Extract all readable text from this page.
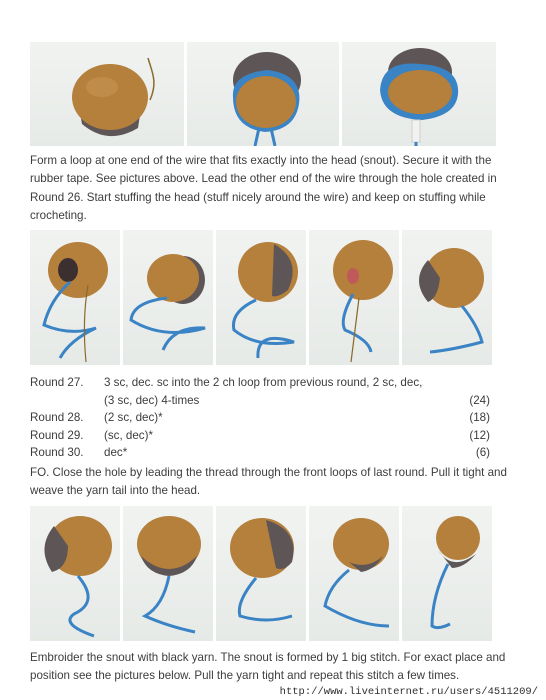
Form a loop at one end of the wire that fits exactly into the head (snout). Secure it with the rubber tape. See pictures above. Lead the other end of the wire through the hole created in Round 26. Start stuffing the head (stuff nicely around the wire) and keep on stuffing while crocheting.

Round 27. 3 sc, dec. sc into the 2 ch loop from previous round, 2 sc, dec,
(3 sc, dec) 4-times	(24)
Round 28. (2 sc, dec)*	(18)
Round 29. (sc, dec)*	(12)
Round 30. dec*	(6)

FO. Close the hole by leading the thread through the front loops of last round. Pull it tight and weave the yarn tail into the head.

Embroider the snout with black yarn. The snout is formed by 1 big stitch. For exact place and position see the pictures below. Pull the yarn tight and repeat this stitch a few times.

http://www.liveinternet.ru/users/4511209/
